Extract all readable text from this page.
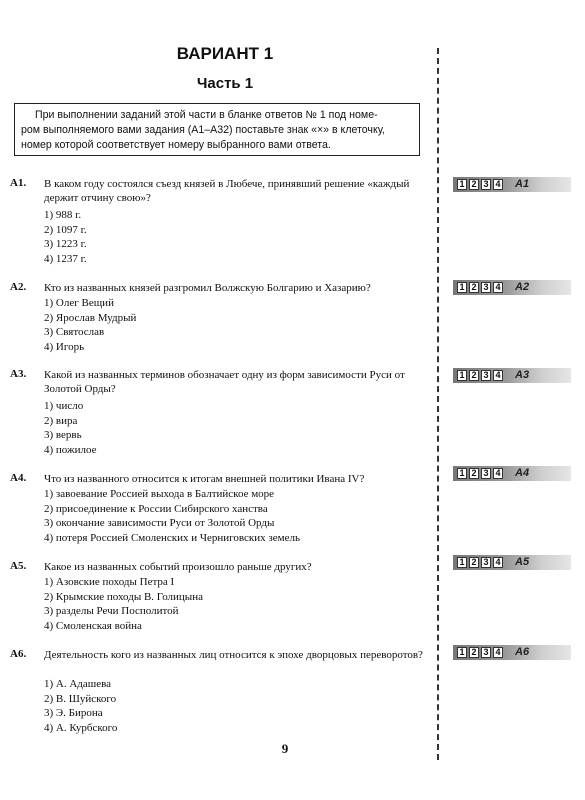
ВАРИАНТ 1
Часть 1
При выполнении заданий этой части в бланке ответов № 1 под номе-
ром выполняемого вами задания (А1–А32) поставьте знак «×» в клеточку,
номер которой соответствует номеру выбранного вами ответа.
А1. В каком году состоялся съезд князей в Любече, принявший решение «каждый держит отчину свою»?
1) 988 г.
2) 1097 г.
3) 1223 г.
4) 1237 г.
1 2 3 4 А1
А2. Кто из названных князей разгромил Волжскую Болгарию и Хазарию?
1) Олег Вещий
2) Ярослав Мудрый
3) Святослав
4) Игорь
1 2 3 4 А2
А3. Какой из названных терминов обозначает одну из форм зависимости Руси от Золотой Орды?
1) число
2) вира
3) вервь
4) пожилое
1 2 3 4 А3
А4. Что из названного относится к итогам внешней политики Ивана IV?
1) завоевание Россией выхода в Балтийское море
2) присоединение к России Сибирского ханства
3) окончание зависимости Руси от Золотой Орды
4) потеря Россией Смоленских и Черниговских земель
1 2 3 4 А4
А5. Какое из названных событий произошло раньше других?
1) Азовские походы Петра I
2) Крымские походы В. Голицына
3) разделы Речи Посполитой
4) Смоленская война
1 2 3 4 А5
А6. Деятельность кого из названных лиц относится к эпохе дворцовых переворотов?
1) А. Адашева
2) В. Шуйского
3) Э. Бирона
4) А. Курбского
1 2 3 4 А6
9
